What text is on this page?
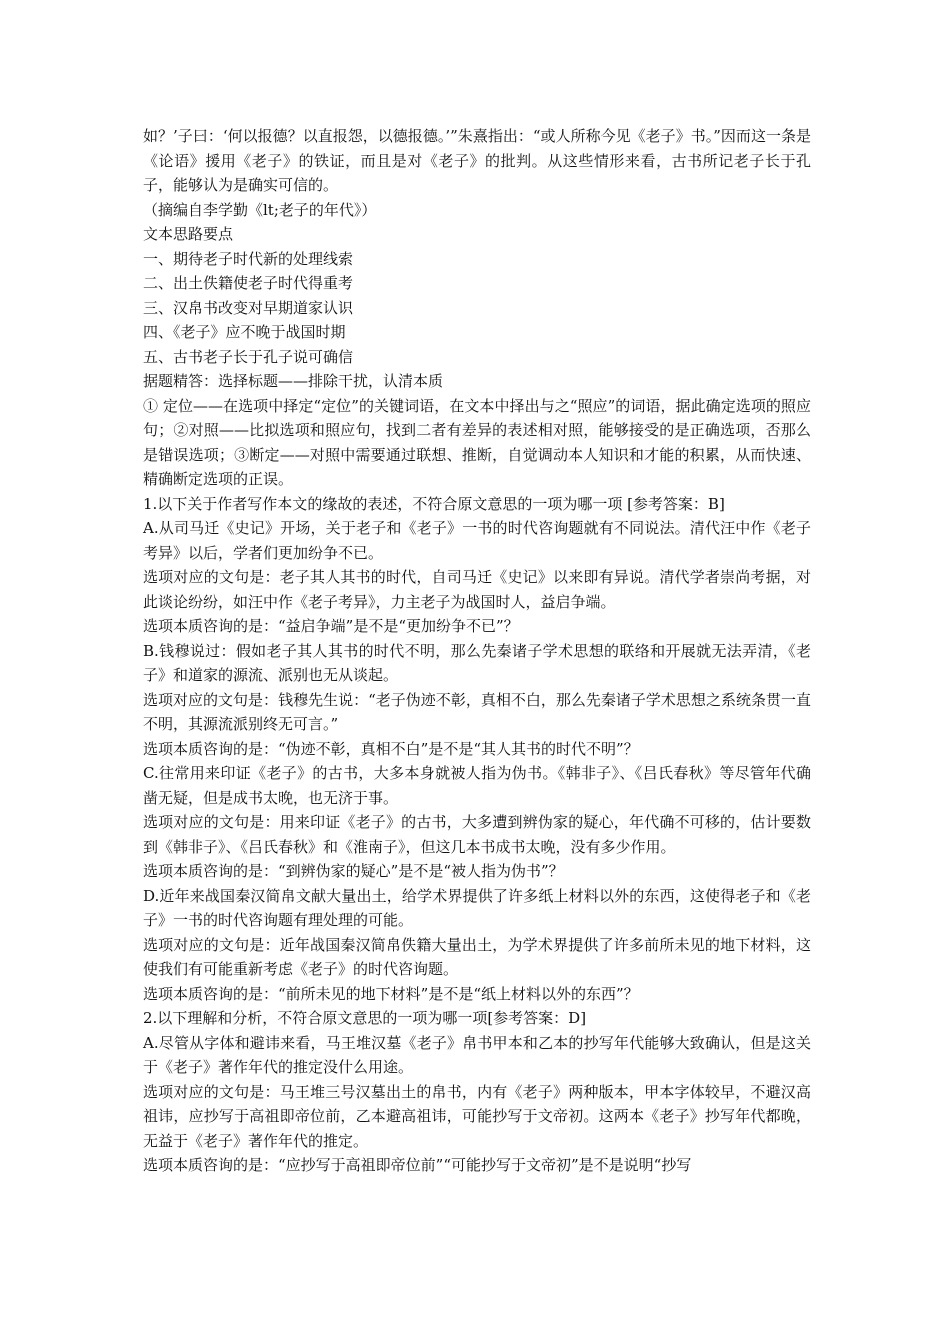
如？’子曰：‘何以报德？以直报怨，以德报德。’”朱熹指出：“或人所称今见《老子》书。”因而这一条是《论语》援用《老子》的铁证，而且是对《老子》的批判。从这些情形来看，古书所记老子长于孔子，能够认为是确实可信的。

（摘编自李学勤《lt;老子的年代》）

文本思路要点

一、期待老子时代新的处理线索

二、出土佚籍使老子时代得重考

三、汉帛书改变对早期道家认识

四、《老子》应不晚于战国时期

五、古书老子长于孔子说可确信

据题精答：选择标题——排除干扰，认清本质

① 定位——在选项中择定“定位”的关键词语，在文本中择出与之“照应”的词语，据此确定选项的照应句；②对照——比拟选项和照应句，找到二者有差异的表述相对照，能够接受的是正确选项，否那么是错误选项；③断定——对照中需要通过联想、推断，自觉调动本人知识和才能的积累，从而快速、精确断定选项的正误。

1.以下关于作者写作本文的缘故的表述，不符合原文意思的一项为哪一项 [参考答案：B]

A.从司马迁《史记》开场，关于老子和《老子》一书的时代咨询题就有不同说法。清代汪中作《老子考异》以后，学者们更加纷争不已。

选项对应的文句是：老子其人其书的时代，自司马迁《史记》以来即有异说。清代学者崇尚考据，对此谈论纷纷，如汪中作《老子考异》，力主老子为战国时人，益启争端。

选项本质咨询的是：“益启争端”是不是“更加纷争不已”？

B.钱穆说过：假如老子其人其书的时代不明，那么先秦诸子学术思想的联络和开展就无法弄清，《老子》和道家的源流、派别也无从谈起。

选项对应的文句是：钱穆先生说：“老子伪迹不彰，真相不白，那么先秦诸子学术思想之系统条贯一直不明，其源流派别终无可言。”

选项本质咨询的是：“伪迹不彰，真相不白”是不是“其人其书的时代不明”？

C.往常用来印证《老子》的古书，大多本身就被人指为伪书。《韩非子》、《吕氏春秋》等尽管年代确凿无疑，但是成书太晚，也无济于事。

选项对应的文句是：用来印证《老子》的古书，大多遭到辨伪家的疑心，年代确不可移的，估计要数到《韩非子》、《吕氏春秋》和《淮南子》，但这几本书成书太晚，没有多少作用。

选项本质咨询的是：“到辨伪家的疑心”是不是“被人指为伪书”？

D.近年来战国秦汉简帛文献大量出土，给学术界提供了许多纸上材料以外的东西，这使得老子和《老子》一书的时代咨询题有理处理的可能。

选项对应的文句是：近年战国秦汉简帛佚籍大量出土，为学术界提供了许多前所未见的地下材料，这使我们有可能重新考虑《老子》的时代咨询题。

选项本质咨询的是：“前所未见的地下材料”是不是“纸上材料以外的东西”？

2.以下理解和分析，不符合原文意思的一项为哪一项[参考答案：D]

A.尽管从字体和避讳来看，马王堆汉墓《老子》帛书甲本和乙本的抄写年代能够大致确认，但是这关于《老子》著作年代的推定没什么用途。

选项对应的文句是：马王堆三号汉墓出土的帛书，内有《老子》两种版本，甲本字体较早，不避汉高祖讳，应抄写于高祖即帝位前，乙本避高祖讳，可能抄写于文帝初。这两本《老子》抄写年代都晚，无益于《老子》著作年代的推定。

选项本质咨询的是：“应抄写于高祖即帝位前”“可能抄写于文帝初”是不是说明“抄写
